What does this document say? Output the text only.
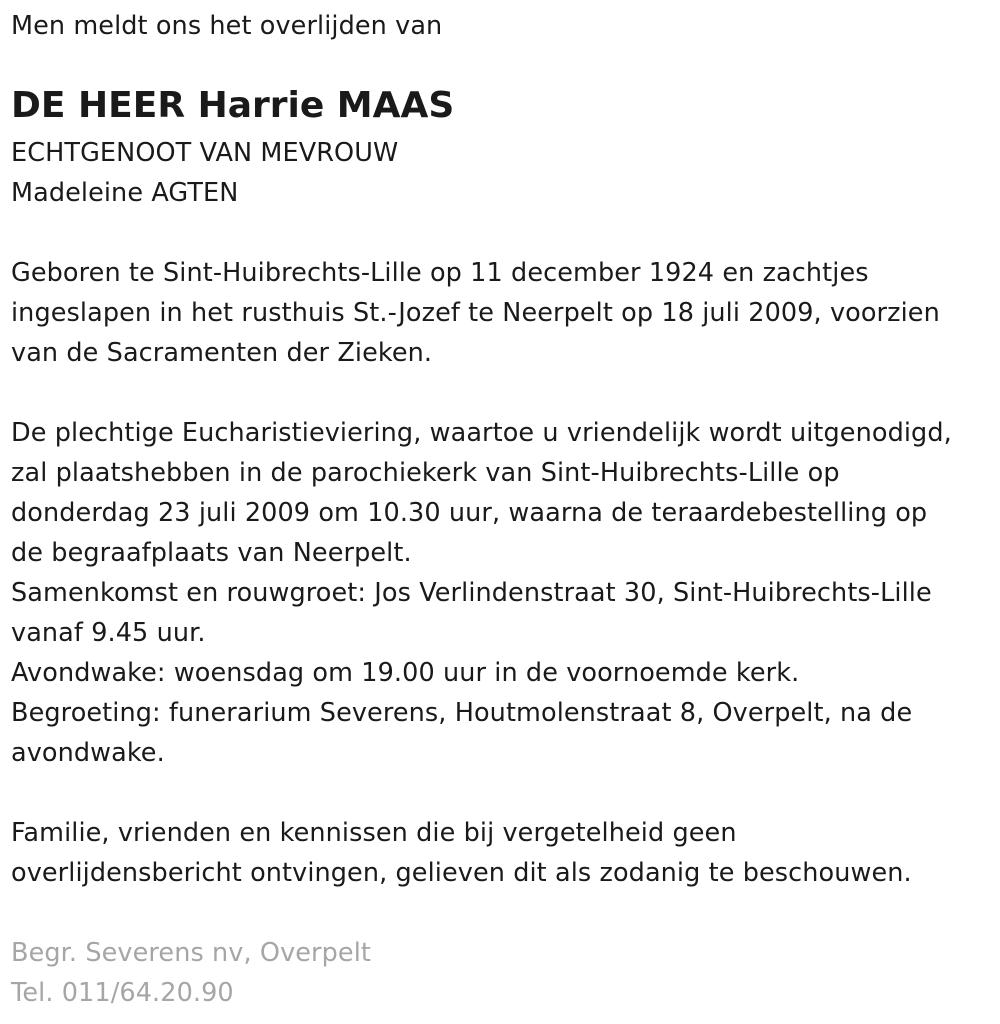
Men meldt ons het overlijden van
DE HEER Harrie MAAS
ECHTGENOOT VAN MEVROUW
Madeleine AGTEN
Geboren te Sint-Huibrechts-Lille op 11 december 1924 en zachtjes
ingeslapen in het rusthuis St.-Jozef te Neerpelt op 18 juli 2009, voorzien
van de Sacramenten der Zieken.
De plechtige Eucharistieviering, waartoe u vriendelijk wordt uitgenodigd,
zal plaatshebben in de parochiekerk van Sint-Huibrechts-Lille op
donderdag 23 juli 2009 om 10.30 uur, waarna de teraardebestelling op
de begraafplaats van Neerpelt.
Samenkomst en rouwgroet: Jos Verlindenstraat 30, Sint-Huibrechts-Lille
vanaf 9.45 uur.
Avondwake: woensdag om 19.00 uur in de voornoemde kerk.
Begroeting: funerarium Severens, Houtmolenstraat 8, Overpelt, na de
avondwake.
Familie, vrienden en kennissen die bij vergetelheid geen
overlijdensbericht ontvingen, gelieven dit als zodanig te beschouwen.
Begr. Severens nv, Overpelt
Tel. 011/64.20.90
